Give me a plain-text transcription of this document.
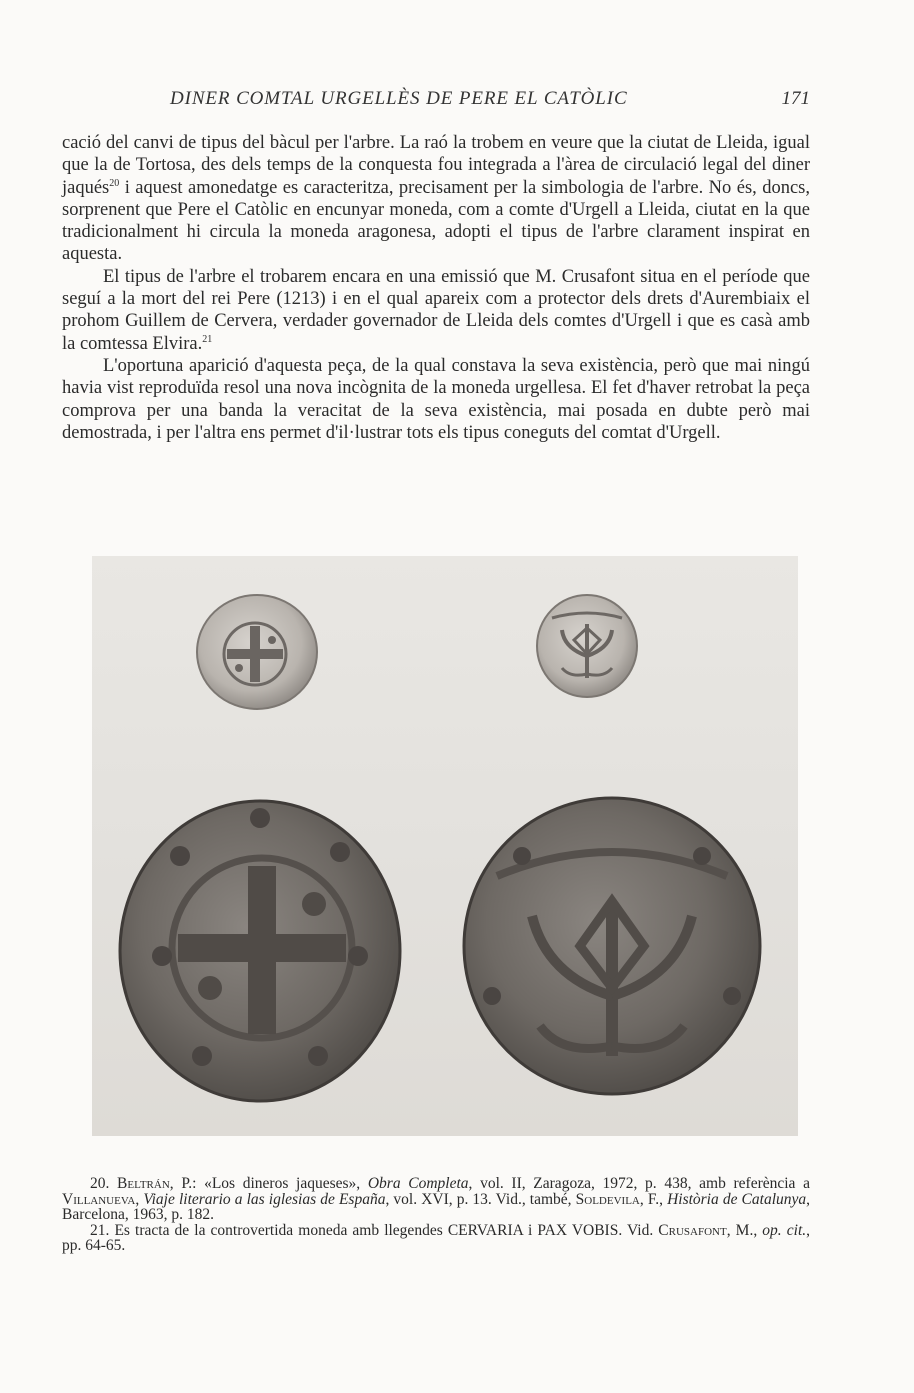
DINER COMTAL URGELLÈS DE PERE EL CATÒLIC	171

cació del canvi de tipus del bàcul per l'arbre. La raó la trobem en veure que la ciutat de Lleida, igual que la de Tortosa, des dels temps de la conquesta fou integrada a l'àrea de circulació legal del diner jaqués$^{20}$ i aquest amonedatge es caracteritza, precisament per la simbologia de l'arbre. No és, doncs, sorprenent que Pere el Catòlic en encunyar moneda, com a comte d'Urgell a Lleida, ciutat en la que tradicionalment hi circula la moneda aragonesa, adopti el tipus de l'arbre clarament inspirat en aquesta.

El tipus de l'arbre el trobarem encara en una emissió que M. Crusafont situa en el període que seguí a la mort del rei Pere (1213) i en el qual apareix com a protector dels drets d'Aurembiaix el prohom Guillem de Cervera, verdader governador de Lleida dels comtes d'Urgell i que es casà amb la comtessa Elvira.$^{21}$

L'oportuna aparició d'aquesta peça, de la qual constava la seva existència, però que mai ningú havia vist reproduïda resol una nova incògnita de la moneda urgellesa. El fet d'haver retrobat la peça comprova per una banda la veracitat de la seva existència, mai posada en dubte però mai demostrada, i per l'altra ens permet d'il·lustrar tots els tipus coneguts del comtat d'Urgell.

20. Beltrán, P.: «Los dineros jaqueses», Obra Completa, vol. II, Zaragoza, 1972, p. 438, amb referència a Villanueva, Viaje literario a las iglesias de España, vol. XVI, p. 13. Vid., també, Soldevila, F., Història de Catalunya, Barcelona, 1963, p. 182.

21. Es tracta de la controvertida moneda amb llegendes CERVARIA i PAX VOBIS. Vid. Crusafont, M., op. cit., pp. 64-65.
